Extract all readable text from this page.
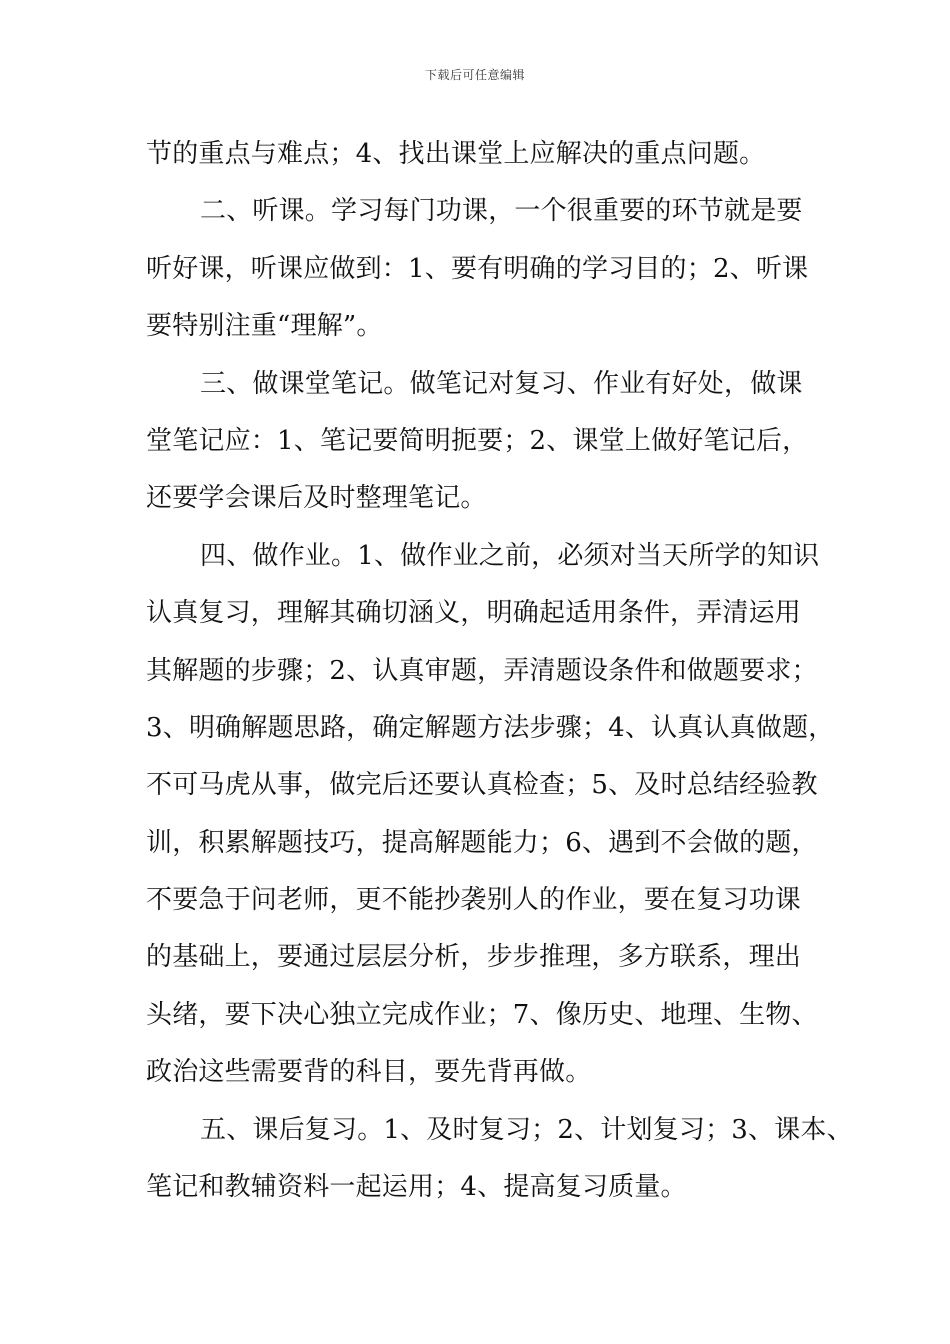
下载后可任意编辑
节的重点与难点；4、找出课堂上应解决的重点问题。
二、听课。学习每门功课，一个很重要的环节就是要
听好课，听课应做到：1、要有明确的学习目的；2、听课
要特别注重“理解”。
三、做课堂笔记。做笔记对复习、作业有好处，做课
堂笔记应：1、笔记要简明扼要；2、课堂上做好笔记后，
还要学会课后及时整理笔记。
四、做作业。1、做作业之前，必须对当天所学的知识
认真复习，理解其确切涵义，明确起适用条件，弄清运用
其解题的步骤；2、认真审题，弄清题设条件和做题要求；
3、明确解题思路，确定解题方法步骤；4、认真认真做题，
不可马虎从事，做完后还要认真检查；5、及时总结经验教
训，积累解题技巧，提高解题能力；6、遇到不会做的题，
不要急于问老师，更不能抄袭别人的作业，要在复习功课
的基础上，要通过层层分析，步步推理，多方联系，理出
头绪，要下决心独立完成作业；7、像历史、地理、生物、
政治这些需要背的科目，要先背再做。
五、课后复习。1、及时复习；2、计划复习；3、课本、
笔记和教辅资料一起运用；4、提高复习质量。
